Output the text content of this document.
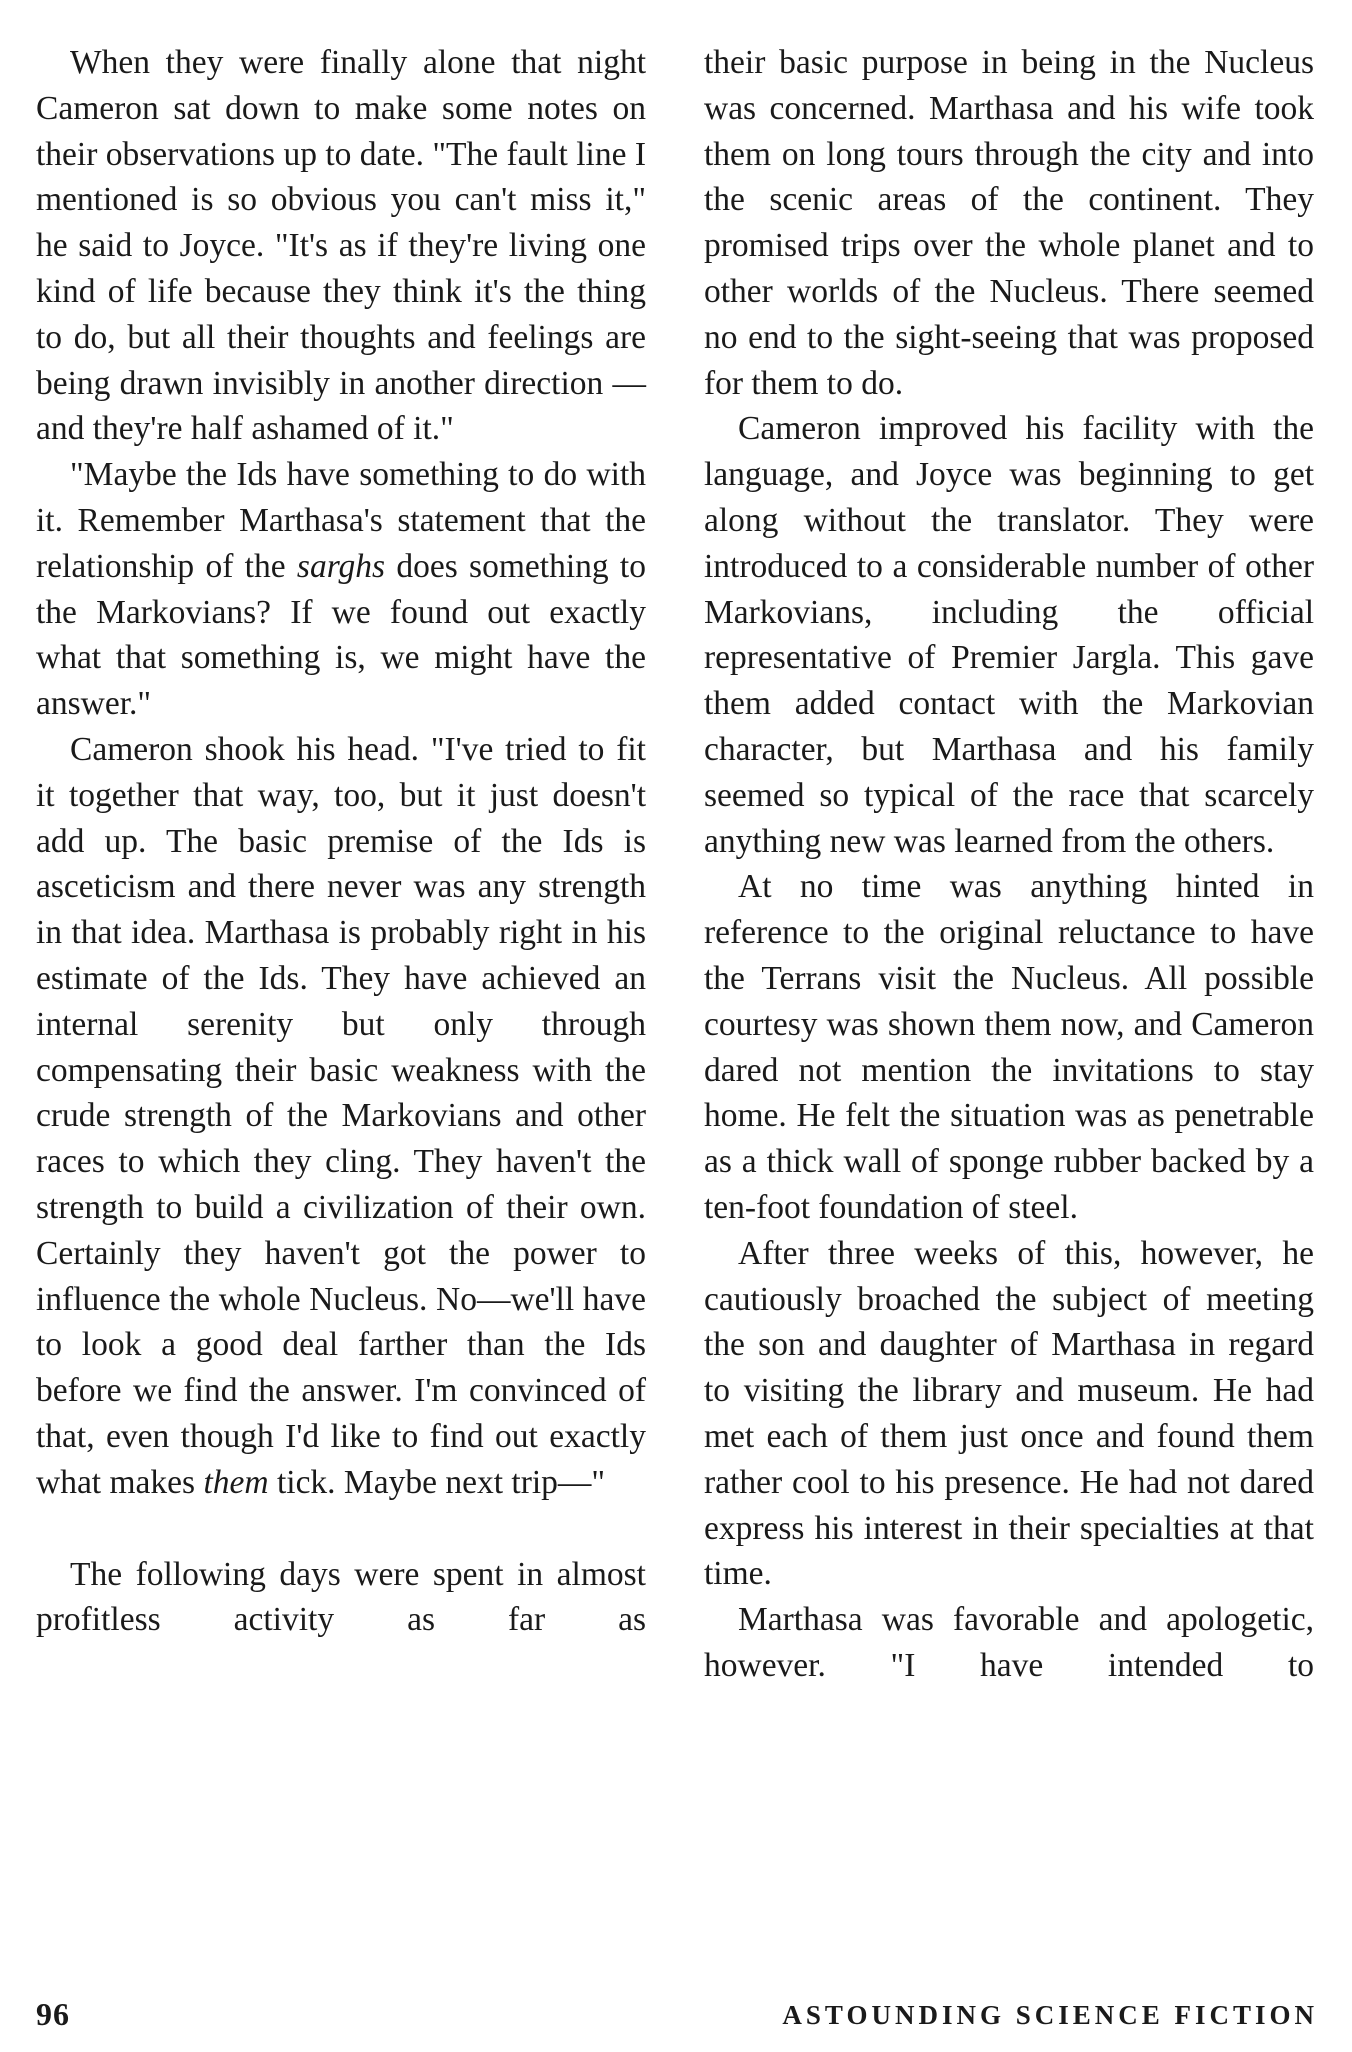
When they were finally alone that night Cameron sat down to make some notes on their observations up to date. "The fault line I mentioned is so obvious you can't miss it," he said to Joyce. "It's as if they're living one kind of life because they think it's the thing to do, but all their thoughts and feelings are being drawn invisibly in another direction —and they're half ashamed of it."

"Maybe the Ids have something to do with it. Remember Marthasa's statement that the relationship of the sarghs does something to the Markovians? If we found out exactly what that something is, we might have the answer."

Cameron shook his head. "I've tried to fit it together that way, too, but it just doesn't add up. The basic premise of the Ids is asceticism and there never was any strength in that idea. Marthasa is probably right in his estimate of the Ids. They have achieved an internal serenity but only through compensating their basic weakness with the crude strength of the Markovians and other races to which they cling. They haven't the strength to build a civilization of their own. Certainly they haven't got the power to influence the whole Nucleus. No—we'll have to look a good deal farther than the Ids before we find the answer. I'm convinced of that, even though I'd like to find out exactly what makes them tick. Maybe next trip—"

The following days were spent in almost profitless activity as far as

their basic purpose in being in the Nucleus was concerned. Marthasa and his wife took them on long tours through the city and into the scenic areas of the continent. They promised trips over the whole planet and to other worlds of the Nucleus. There seemed no end to the sight-seeing that was proposed for them to do.

Cameron improved his facility with the language, and Joyce was beginning to get along without the translator. They were introduced to a considerable number of other Markovians, including the official representative of Premier Jargla. This gave them added contact with the Markovian character, but Marthasa and his family seemed so typical of the race that scarcely anything new was learned from the others.

At no time was anything hinted in reference to the original reluctance to have the Terrans visit the Nucleus. All possible courtesy was shown them now, and Cameron dared not mention the invitations to stay home. He felt the situation was as penetrable as a thick wall of sponge rubber backed by a ten-foot foundation of steel.

After three weeks of this, however, he cautiously broached the subject of meeting the son and daughter of Marthasa in regard to visiting the library and museum. He had met each of them just once and found them rather cool to his presence. He had not dared express his interest in their specialties at that time.

Marthasa was favorable and apologetic, however. "I have intended to

96	ASTOUNDING SCIENCE FICTION
